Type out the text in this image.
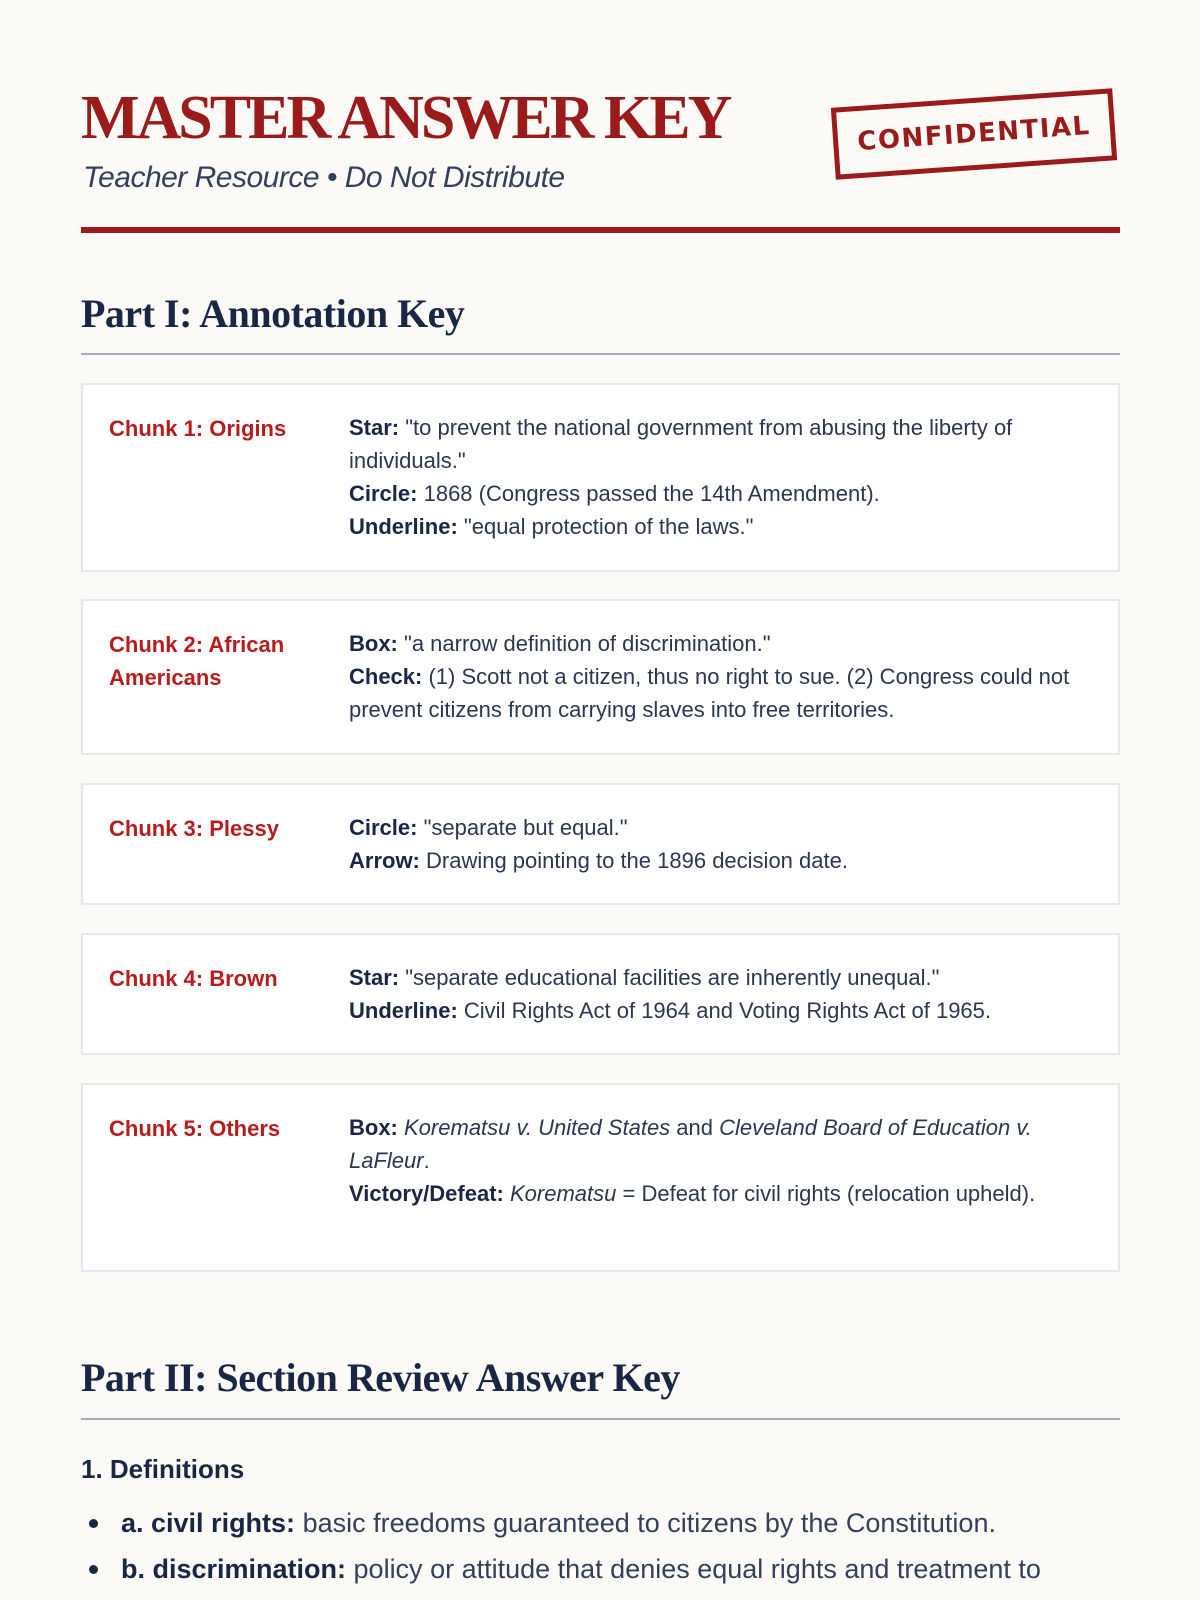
MASTER ANSWER KEY
Teacher Resource • Do Not Distribute
CONFIDENTIAL
Part I: Annotation Key
Chunk 1: Origins	Star: "to prevent the national government from abusing the liberty of individuals."
Circle: 1868 (Congress passed the 14th Amendment).
Underline: "equal protection of the laws."
Chunk 2: African Americans
Box: "a narrow definition of discrimination."
Check: (1) Scott not a citizen, thus no right to sue. (2) Congress could not prevent citizens from carrying slaves into free territories.
Chunk 3: Plessy	Circle: "separate but equal."
Arrow: Drawing pointing to the 1896 decision date.
Chunk 4: Brown	Star: "separate educational facilities are inherently unequal."
Underline: Civil Rights Act of 1964 and Voting Rights Act of 1965.
Chunk 5: Others	Box: Korematsu v. United States and Cleveland Board of Education v. LaFleur.
Victory/Defeat: Korematsu = Defeat for civil rights (relocation upheld).
Part II: Section Review Answer Key
1. Definitions
a. civil rights: basic freedoms guaranteed to citizens by the Constitution.
b. discrimination: policy or attitude that denies equal rights and treatment to
